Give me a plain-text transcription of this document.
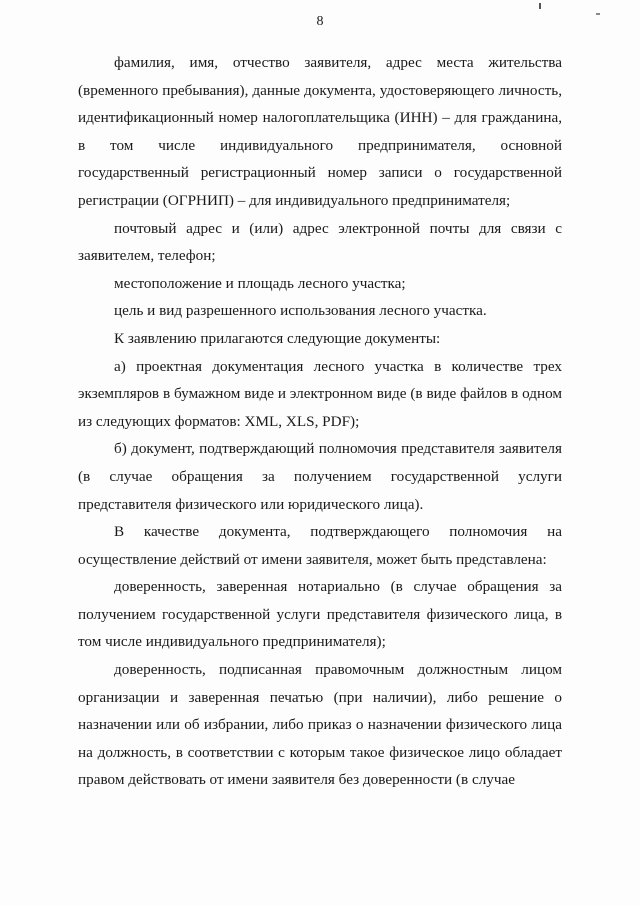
8

фамилия, имя, отчество заявителя, адрес места жительства (временного пребывания), данные документа, удостоверяющего личность, идентификационный номер налогоплательщика (ИНН) – для гражданина, в том числе индивидуального предпринимателя, основной государственный регистрационный номер записи о государственной регистрации (ОГРНИП) – для индивидуального предпринимателя;

почтовый адрес и (или) адрес электронной почты для связи с заявителем, телефон;

местоположение и площадь лесного участка;

цель и вид разрешенного использования лесного участка.

К заявлению прилагаются следующие документы:

а) проектная документация лесного участка в количестве трех экземпляров в бумажном виде и электронном виде (в виде файлов в одном из следующих форматов: XML, XLS, PDF);

б) документ, подтверждающий полномочия представителя заявителя (в случае обращения за получением государственной услуги представителя физического или юридического лица).

В качестве документа, подтверждающего полномочия на осуществление действий от имени заявителя, может быть представлена:

доверенность, заверенная нотариально (в случае обращения за получением государственной услуги представителя физического лица, в том числе индивидуального предпринимателя);

доверенность, подписанная правомочным должностным лицом организации и заверенная печатью (при наличии), либо решение о назначении или об избрании, либо приказ о назначении физического лица на должность, в соответствии с которым такое физическое лицо обладает правом действовать от имени заявителя без доверенности (в случае
